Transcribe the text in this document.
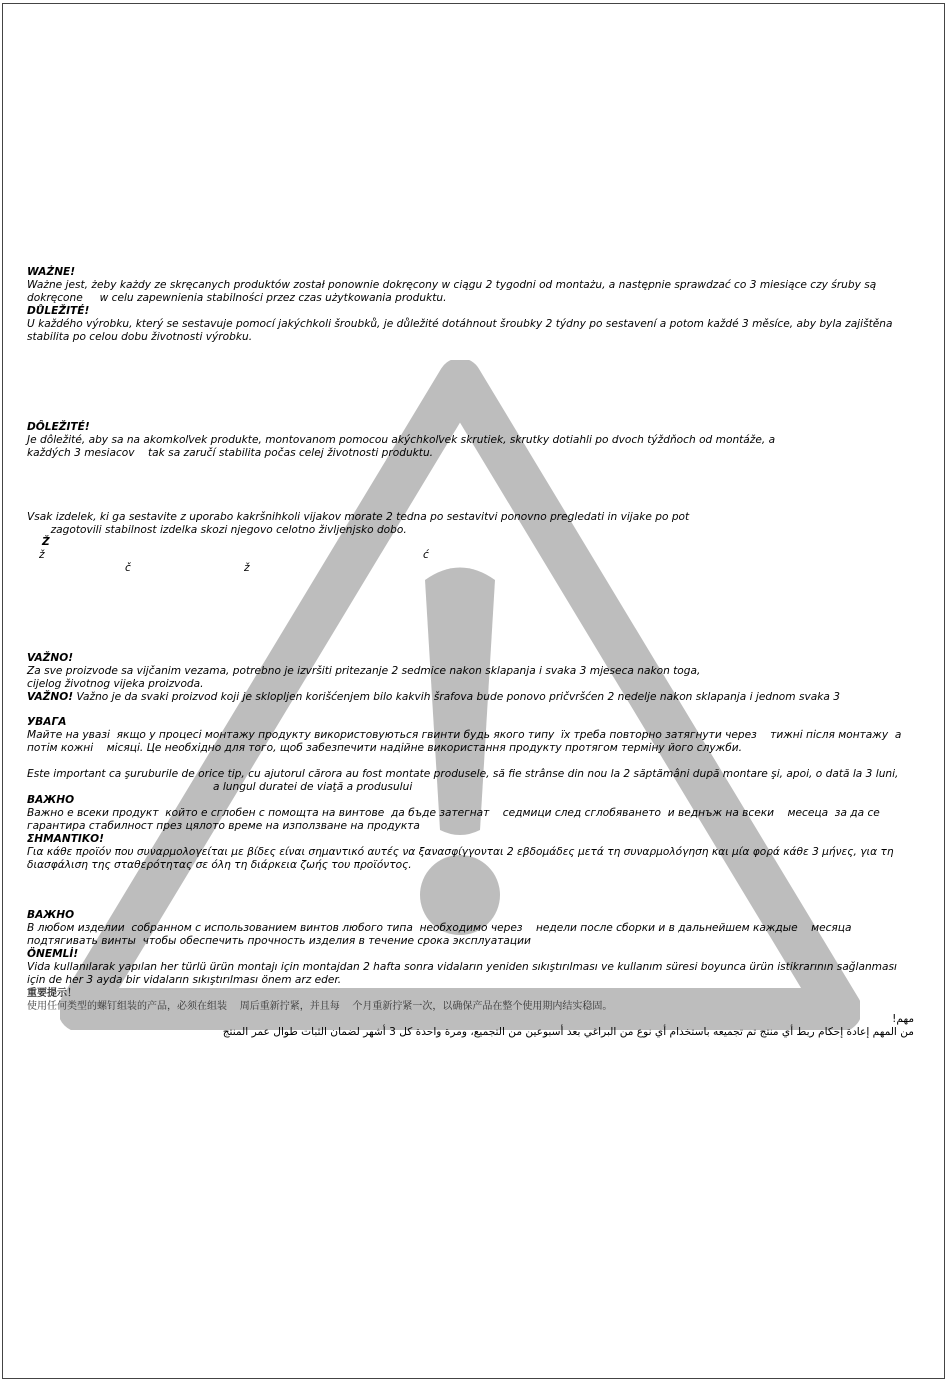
WAŻNE!

Ważne jest, żeby każdy ze skręcanych produktów został ponownie dokręcony w ciągu 2 tygodni od montażu, a następnie sprawdzać co 3 miesiące czy śruby są dokręcone     w celu zapewnienia stabilności przez czas użytkowania produktu.

DŮLEŽITÉ!

U každého výrobku, který se sestavuje pomocí jakýchkoli šroubků, je důležité dotáhnout šroubky 2 týdny po sestavení a potom každé 3 měsíce, aby byla zajištěna stabilita po celou dobu životnosti výrobku.

DÔLEŽITÉ!

Je dôležité, aby sa na akomkoľvek produkte, montovanom pomocou akýchkoľvek skrutiek, skrutky dotiahli po dvoch týždňoch od montáže, a každých 3 mesiacov    tak sa zaručí stabilita počas celej životnosti produktu.

Vsak izdelek, ki ga sestavite z uporabo kakršnihkoli vijakov morate 2 tedna po sestavitvi ponovno pregledati in vijake po pot

zagotovili stabilnost izdelka skozi njegovo celotno življenjsko dobo.

Ž
ž	ć
č	ž

VAŽNO!

Za sve proizvode sa vijčanim vezama, potrebno je izvršiti pritezanje 2 sedmice nakon sklapanja i svaka 3 mjeseca nakon toga, cijelog životnog vijeka proizvoda.

VAŽNO! Važno je da svaki proizvod koji je sklopljen korišćenjem bilo kakvih šrafova bude ponovo pričvršćen 2 nedelje nakon sklapanja i jednom svaka 3

УВАГА

Майте на увазі  якщо у процесі монтажу продукту використовуються гвинти будь якого типу  їх треба повторно затягнути через    тижні після монтажу  а потім кожні    місяці. Це необхідно для того, щоб забезпечити надійне використання продукту протягом терміну його служби.

Este important ca şuruburile de orice tip, cu ajutorul cărora au fost montate produsele, să fie strânse din nou la 2 săptămâni după montare şi, apoi, o dată la 3 luni,

a lungul duratei de viaţă a produsului

ВАЖНО

Важно е всеки продукт  който е сглобен с помощта на винтове  да бъде затегнат    седмици след сглобяването  и веднъж на всеки    месеца  за да се гарантира стабилност през цялото време на използване на продукта

ΣΗΜΑΝΤΙΚΟ!

Για κάθε προϊόν που συναρμολογείται με βίδες είναι σημαντικό αυτές να ξανασφίγγονται 2 εβδομάδες μετά τη συναρμολόγηση και μία φορά κάθε 3 μήνες, για τη διασφάλιση της σταθερότητας σε όλη τη διάρκεια ζωής του προϊόντος.

ВАЖНО

В любом изделии  собранном с использованием винтов любого типа  необходимо через    недели после сборки и в дальнейшем каждые    месяца подтягивать винты  чтобы обеспечить прочность изделия в течение срока эксплуатации

ÖNEMLİ!

Vida kullanılarak yapılan her türlü ürün montajı için montajdan 2 hafta sonra vidaların yeniden sıkıştırılması ve kullanım süresi boyunca ürün istikrarının sağlanması için de her 3 ayda bir vidaların sıkıştırılması önem arz eder.

重要提示！

使用任何类型的螺钉组装的产品，必须在组装    周后重新拧紧，并且每    个月重新拧紧一次，以确保产品在整个使用期内结实稳固。

مهم!
من المهم إعادة إحكام ربط أي منتج تم تجميعه باستخدام أي نوع من البراغي بعد أسبوعين من التجميع، ومرة واحدة كل 3 أشهر لضمان الثبات طوال عمر المنتج
